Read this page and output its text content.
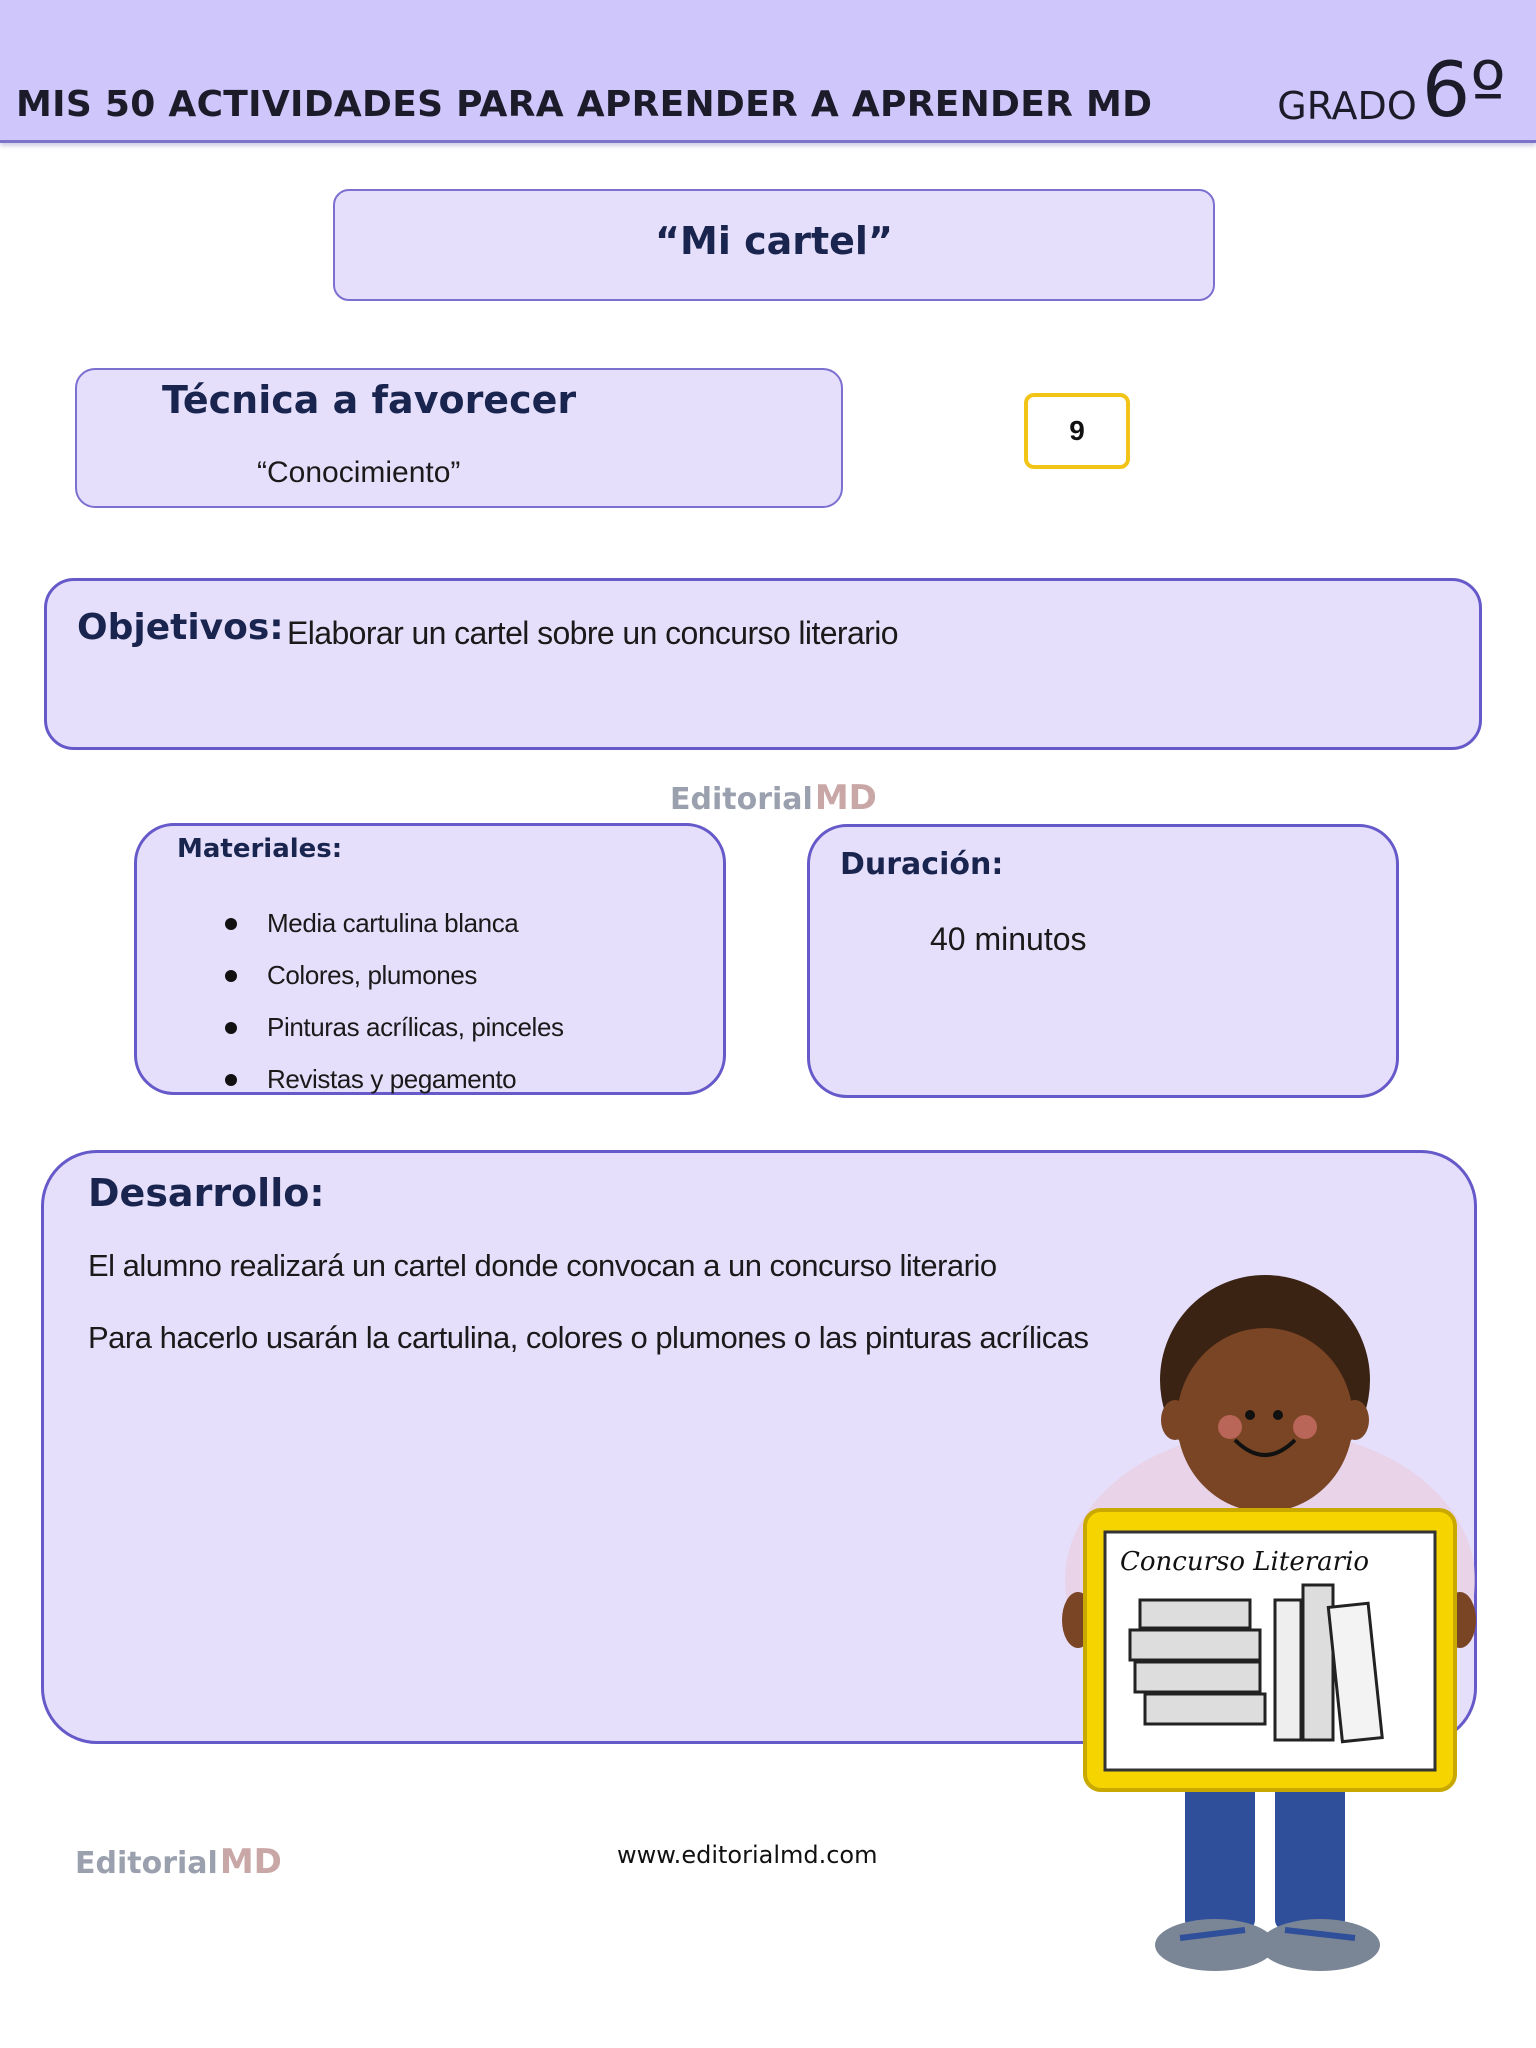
MIS 50 ACTIVIDADES PARA APRENDER A APRENDER MD	GRADO 6º
“Mi cartel”
Técnica a favorecer
“Conocimiento”
9
Objetivos: Elaborar un cartel sobre un concurso literario
EditorialMD
Materiales:
Media cartulina blanca
Colores, plumones
Pinturas acrílicas, pinceles
Revistas y pegamento
Duración:
40 minutos
Desarrollo:
El alumno realizará un cartel donde convocan a un concurso literario
Para hacerlo usarán la cartulina, colores o plumones o las pinturas acrílicas
Concurso Literario
EditorialMD	www.editorialmd.com
